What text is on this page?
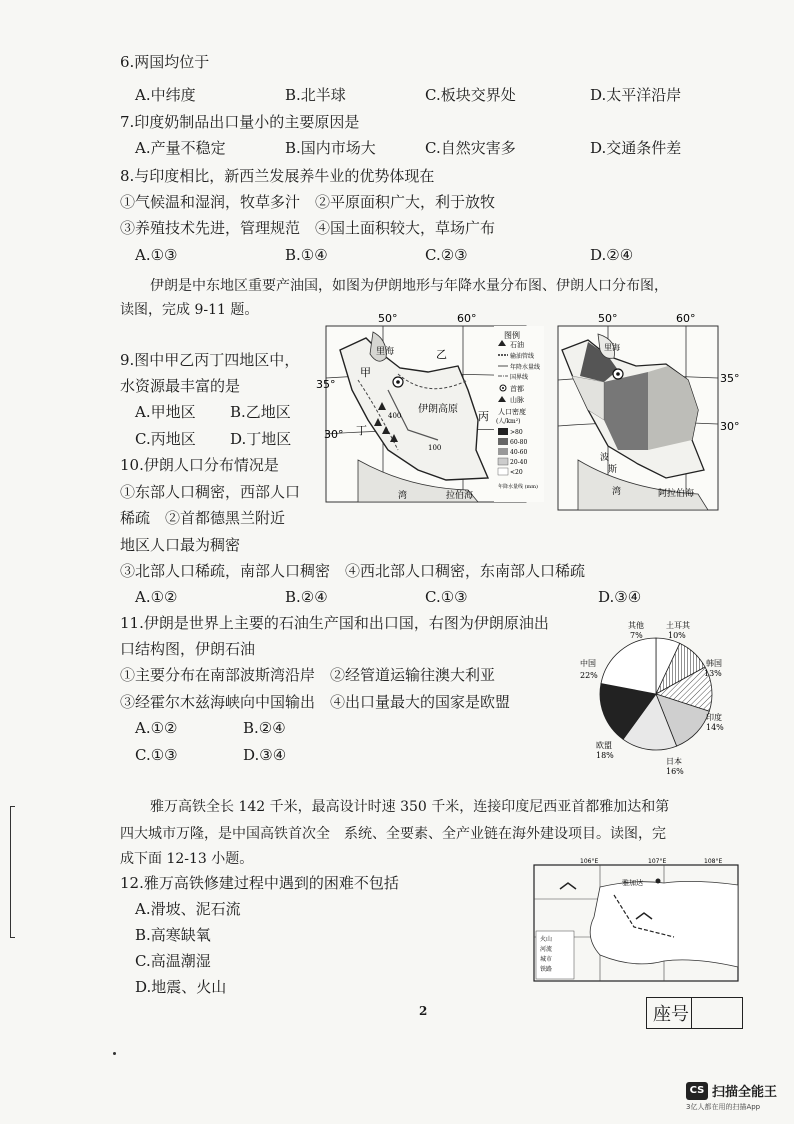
6.两国均位于
A.中纬度	B.北半球	C.板块交界处	D.太平洋沿岸
7.印度奶制品出口量小的主要原因是
A.产量不稳定	B.国内市场大	C.自然灾害多	D.交通条件差
8.与印度相比，新西兰发展养牛业的优势体现在
①气候温和湿润，牧草多汁　②平原面积广大，利于放牧
③养殖技术先进，管理规范　④国土面积较大，草场广布
A.①③	B.①④	C.②③	D.②④
伊朗是中东地区重要产油国，如图为伊朗地形与年降水量分布图、伊朗人口分布图，
读图，完成 9-11 题。
9.图中甲乙丙丁四地区中，
水资源最丰富的是
A.甲地区 B.乙地区
C.丙地区 D.丁地区
10.伊朗人口分布情况是
①东部人口稠密，西部人口
稀疏　②首都德黑兰附近
地区人口最为稠密
③北部人口稀疏，南部人口稠密　④西北部人口稠密，东南部人口稀疏
A.①②	B.②④	C.①③	D.③④
11.伊朗是世界上主要的石油生产国和出口国，右图为伊朗原油出
口结构图，伊朗石油
①主要分布在南部波斯湾沿岸　②经管道运输往澳大利亚
③经霍尔木兹海峡向中国输出　④出口量最大的国家是欧盟
A.①②	B.②④
C.①③	D.③④
雅万高铁全长 142 千米，最高设计时速 350 千米，连接印度尼西亚首都雅加达和第
四大城市万隆，是中国高铁首次全　系统、全要素、全产业链在海外建设项目。读图，完
成下面 12-13 小题。
12.雅万高铁修建过程中遇到的困难不包括
A.滑坡、泥石流
B.高寒缺氧
C.高温潮湿
D.地震、火山
2	座号
50°	60°
35°
30°
里海
甲
乙
丙
丁
伊朗高原
湾	拉伯海
400
100
图例
石油
输油管线
年降水量线
国界线
首都
山脉
人口密度
(人/km²)
>80
60-80
40-60
20-40
<20
年降水量线 (mm)
50°	60°
35°
30°
里海
波
斯
湾	阿拉伯海
其他
7%
土耳其
10%
韩国
13%
印度
14%
日本
16%
欧盟
18%
中国
22%
106°E	107°E	108°E
雅加达
火山
河流
城市
铁路
CS 扫描全能王
3亿人都在用的扫描App
